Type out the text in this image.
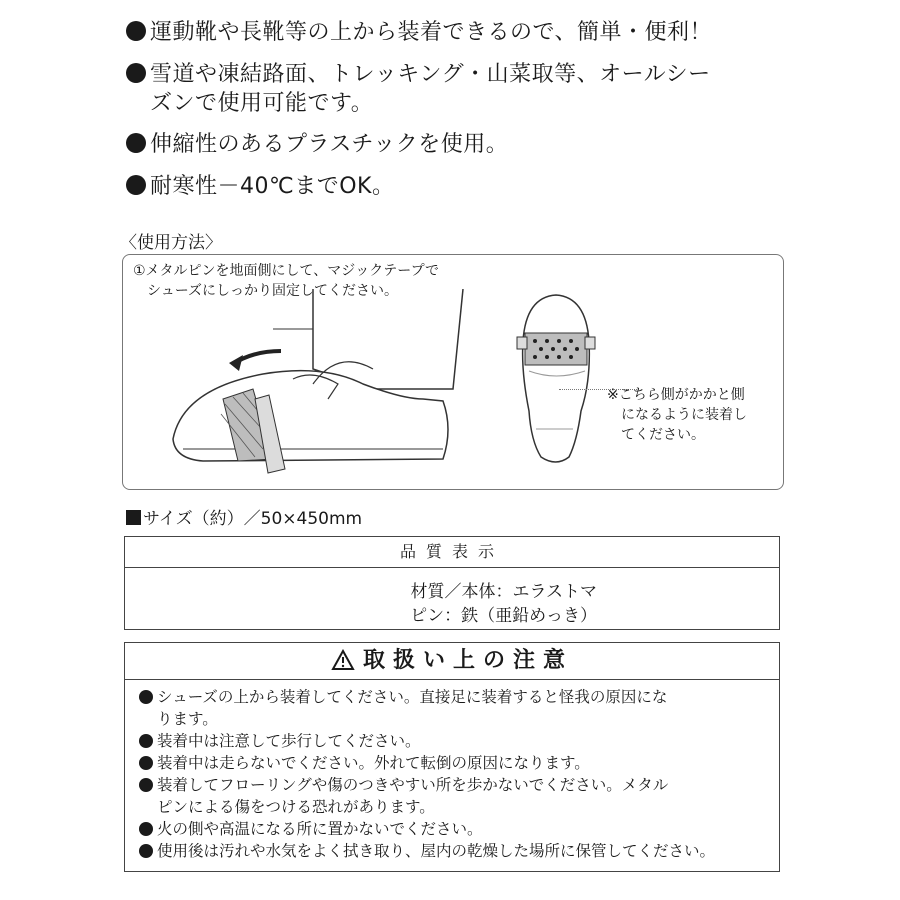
運動靴や長靴等の上から装着できるので、簡単・便利！
雪道や凍結路面、トレッキング・山菜取等、オールシー
ズンで使用可能です。
伸縮性のあるプラスチックを使用。
耐寒性－40℃までOK。
〈使用方法〉
①メタルピンを地面側にして、マジックテープで
シューズにしっかり固定してください。
※こちら側がかかと側
になるように装着し
てください。
サイズ（約）／50×450mm
品質表示
材質／本体：エラストマ
ピン：鉄（亜鉛めっき）
取扱い上の注意
シューズの上から装着してください。直接足に装着すると怪我の原因にな
ります。
装着中は注意して歩行してください。
装着中は走らないでください。外れて転倒の原因になります。
装着してフローリングや傷のつきやすい所を歩かないでください。メタル
ピンによる傷をつける恐れがあります。
火の側や高温になる所に置かないでください。
使用後は汚れや水気をよく拭き取り、屋内の乾燥した場所に保管してください。
